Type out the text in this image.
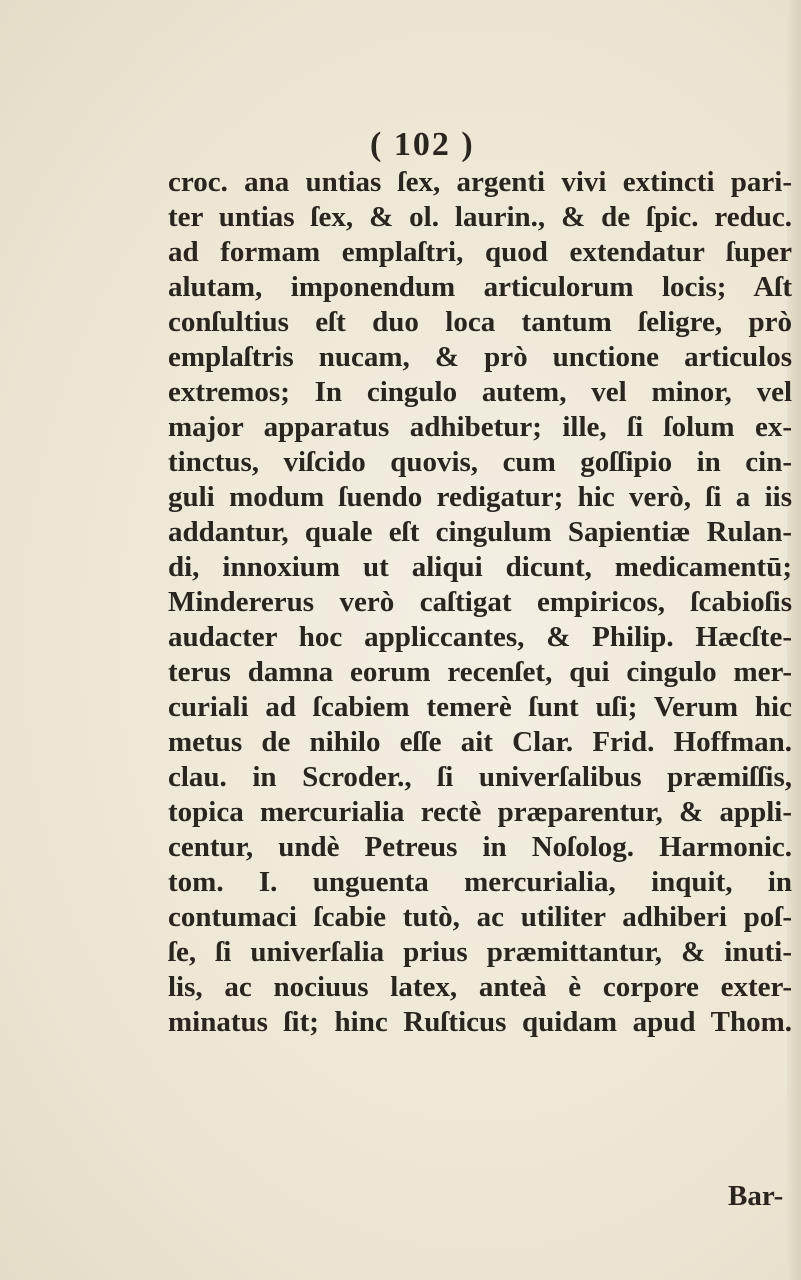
( 102 )
croc. ana untias ſex, argenti vivi extincti pari-
ter untias ſex, & ol. laurin., & de ſpic. reduc.
ad formam emplaſtri, quod extendatur ſuper
alutam, imponendum articulorum locis; Aſt
conſultius eſt duo loca tantum ſeligre, prò
emplaſtris nucam, & prò unctione articulos
extremos; In cingulo autem, vel minor, vel
major apparatus adhibetur; ille, ſi ſolum ex-
tinctus, viſcido quovis, cum goſſipio in cin-
guli modum ſuendo redigatur; hic verò, ſi a iis
addantur, quale eſt cingulum Sapientiæ Rulan-
di, innoxium ut aliqui dicunt, medicamentū;
Mindererus verò caſtigat empiricos, ſcabioſis
audacter hoc appliccantes, & Philip. Hæcſte-
terus damna eorum recenſet, qui cingulo mer-
curiali ad ſcabiem temerè ſunt uſi; Verum hic
metus de nihilo eſſe ait Clar. Frid. Hoffman.
clau. in Scroder., ſi univerſalibus præmiſſis,
topica mercurialia rectè præparentur, & appli-
centur, undè Petreus in Noſolog. Harmonic.
tom. I. unguenta mercurialia, inquit, in
contumaci ſcabie tutò, ac utiliter adhiberi poſ-
ſe, ſi univerſalia prius præmittantur, & inuti-
lis, ac nociuus latex, anteà è corpore exter-
minatus ſit; hinc Ruſticus quidam apud Thom.
Bar-
